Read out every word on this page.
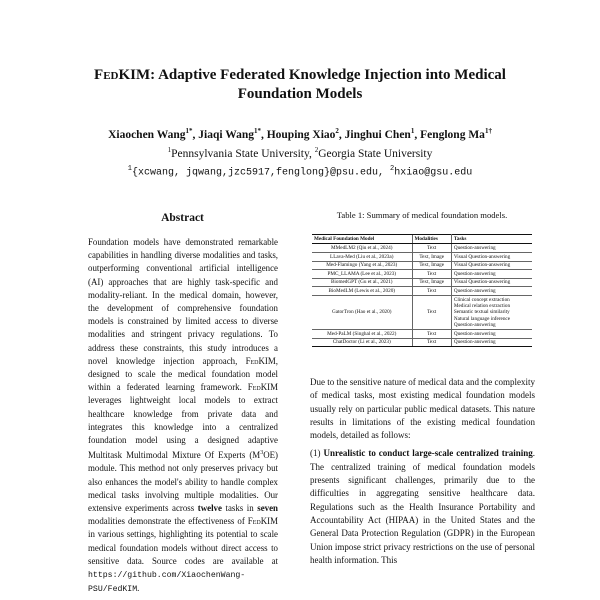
FedKIM: Adaptive Federated Knowledge Injection into Medical
Foundation Models
Xiaochen Wang$^{1*}$, Jiaqi Wang$^{1*}$, Houping Xiao$^2$, Jinghui Chen$^1$, Fenglong $Ma^{1\dagger}$
$^1$Pennsylvania State University, $^2$Georgia State University
$^1${xcwang, jqwang,jzc5917,fenglong}@psu.edu, $^2$hxiao@gsu.edu
Abstract
Foundation models have demonstrated remarkable capabilities in handling diverse modalities and tasks, outperforming conventional artificial intelligence (AI) approaches that are highly task-specific and modality-reliant. In the medical domain, however, the development of comprehensive foundation models is constrained by limited access to diverse modalities and stringent privacy regulations. To address these constraints, this study introduces a novel knowledge injection approach, FedKIM, designed to scale the medical foundation model within a federated learning framework. FedKIM leverages lightweight local models to extract healthcare knowledge from private data and integrates this knowledge into a centralized foundation model using a designed adaptive Multitask Multimodal Mixture Of Experts $(M^3OE)$ module. This method not only preserves privacy but also enhances the model's ability to handle complex medical tasks involving multiple modalities. Our extensive experiments across twelve tasks in seven modalities demonstrate the effectiveness of FedKIM in various settings, highlighting its potential to scale medical foundation models without direct access to sensitive data. Source codes are available at https://github.com/XiaochenWang-PSU/FedKIM.
Table 1: Summary of medical foundation models.
Medical Foundation Model	Modalities	Tasks
MMedLM2 (Qiu et al., 2024)	Text	Question-answering

LLava-Med (Liu et al., 2023a)	Text, Image	Visual Question-answering

Med-Flamingo (Yang et al., 2023)	Text, Image	Visual Question-answering

PMC_LLAMA (Lee et al., 2023)	Text	Question-answering

BiomedGPT (Gu et al., 2021)	Text, Image	Visual Question-answering

BioMedLM (Lewis et al., 2020)	Text	Question-answering

GatorTron (Hao et al., 2020)	Text	Clinical concept extraction
Medical relation extraction
Semantic textual similarity
Natural language inference
Question-answering

Med-PaLM (Singhal et al., 2022)	Text	Question-answering

ChatDoctor (Li et al., 2023)	Text	Question-answering

Due to the sensitive nature of medical data and the complexity of medical tasks, most existing medical foundation models usually rely on particular public medical datasets. This nature results in limitations of the existing medical foundation models, detailed as follows:

(1) Unrealistic to conduct large-scale centralized training. The centralized training of medical foundation models presents significant challenges, primarily due to the difficulties in aggregating sensitive healthcare data. Regulations such as the Health Insurance Portability and Accountability Act (HIPAA) in the United States and the General Data Protection Regulation (GDPR) in the European Union impose strict privacy restrictions on the use of personal health information. This
